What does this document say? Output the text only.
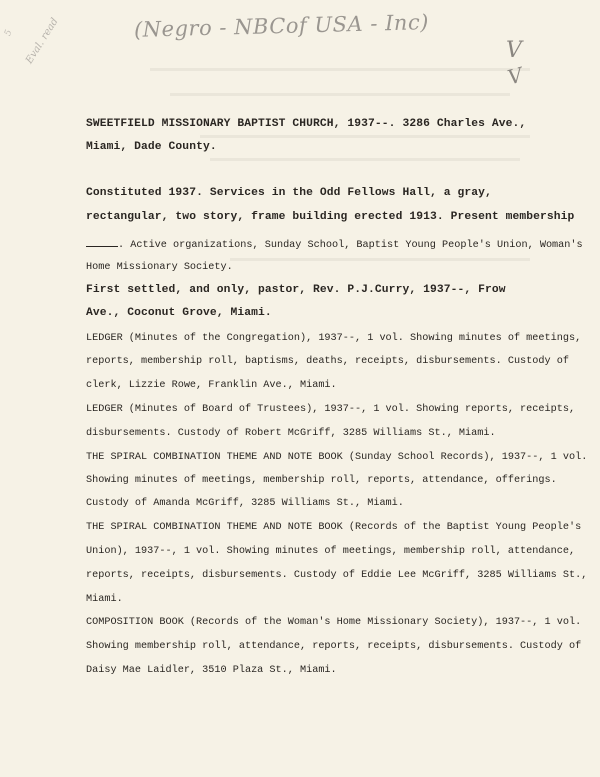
(Negro - NBCof USA - Inc)
Eval. read
5
V
V
SWEETFIELD MISSIONARY BAPTIST CHURCH, 1937--. 3286 Charles Ave.,
Miami, Dade County.
Constituted 1937. Services in the Odd Fellows Hall, a gray,
rectangular, two story, frame building erected 1913. Present membership
. Active organizations, Sunday School, Baptist Young People's Union, Woman's
Home Missionary Society.
First settled, and only, pastor, Rev. P.J.Curry, 1937--, Frow
Ave., Coconut Grove, Miami.
LEDGER (Minutes of the Congregation), 1937--, 1 vol. Showing minutes of meetings,
reports, membership roll, baptisms, deaths, receipts, disbursements. Custody of
clerk, Lizzie Rowe, Franklin Ave., Miami.
LEDGER (Minutes of Board of Trustees), 1937--, 1 vol. Showing reports, receipts,
disbursements. Custody of Robert McGriff, 3285 Williams St., Miami.
THE SPIRAL COMBINATION THEME AND NOTE BOOK (Sunday School Records), 1937--, 1 vol.
Showing minutes of meetings, membership roll, reports, attendance, offerings.
Custody of Amanda McGriff, 3285 Williams St., Miami.
THE SPIRAL COMBINATION THEME AND NOTE BOOK (Records of the Baptist Young People's
Union), 1937--, 1 vol. Showing minutes of meetings, membership roll, attendance,
reports, receipts, disbursements. Custody of Eddie Lee McGriff, 3285 Williams St.,
Miami.
COMPOSITION BOOK (Records of the Woman's Home Missionary Society), 1937--, 1 vol.
Showing membership roll, attendance, reports, receipts, disbursements. Custody of
Daisy Mae Laidler, 3510 Plaza St., Miami.
